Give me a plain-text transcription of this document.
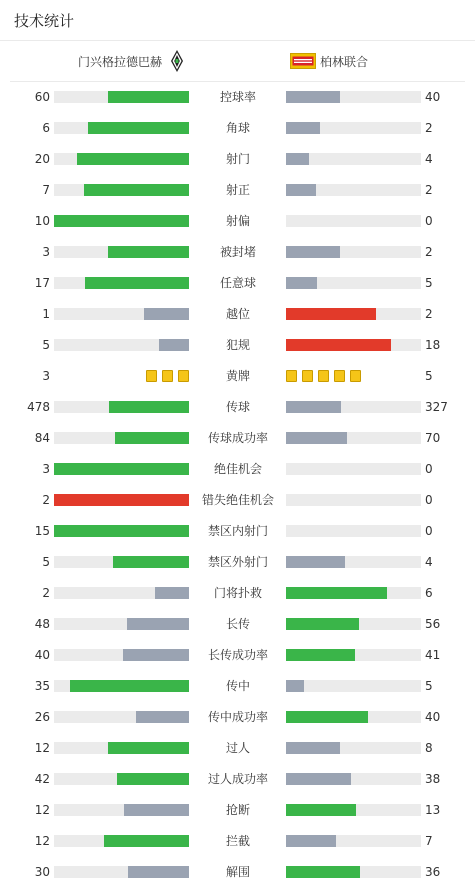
技术统计
门兴格拉德巴赫	柏林联合
60	控球率	40
6	角球	2
20	射门	4
7	射正	2
10	射偏	0
3	被封堵	2
17	任意球	5
1	越位	2
5	犯规	18
3	黄牌	5
478	传球	327
84	传球成功率	70
3	绝佳机会	0
2	错失绝佳机会	0
15	禁区内射门	0
5	禁区外射门	4
2	门将扑救	6
48	长传	56
40	长传成功率	41
35	传中	5
26	传中成功率	40
12	过人	8
42	过人成功率	38
12	抢断	13
12	拦截	7
30	解围	36
